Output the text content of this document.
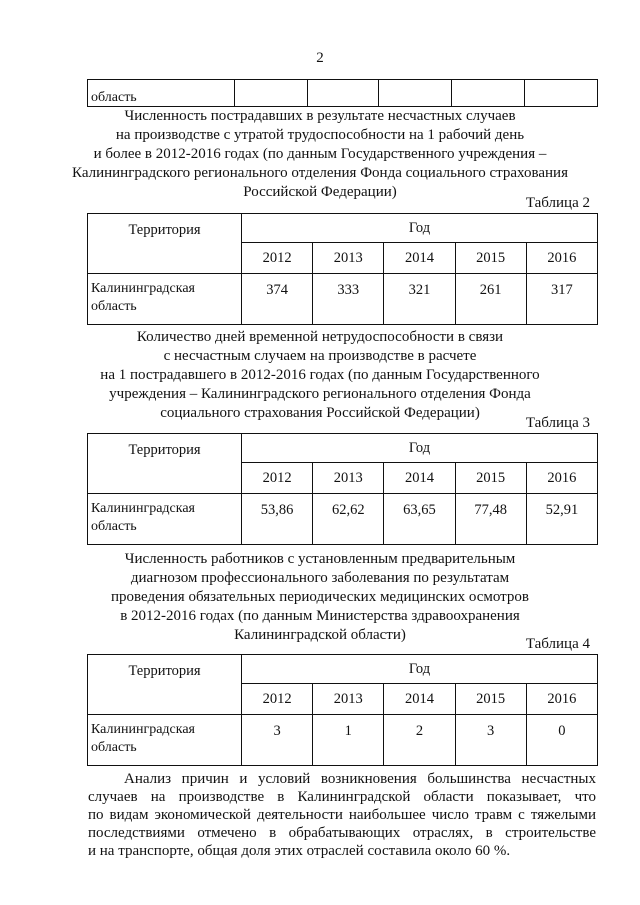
2
область					
Численность пострадавших в результате несчастных случаев
на производстве с утратой трудоспособности на 1 рабочий день
и более в 2012-2016 годах (по данным Государственного учреждения –
Калининградского регионального отделения Фонда социального страхования
Российской Федерации)
Таблица 2
Территория	Год				
	2012	2013	2014	2015	2016
Калининградская
область	374	333	321	261	317
Количество дней временной нетрудоспособности в связи
с несчастным случаем на производстве в расчете
на 1 пострадавшего в 2012-2016 годах (по данным Государственного
учреждения – Калининградского регионального отделения Фонда
социального страхования Российской Федерации)
Таблица 3
Территория	Год				
	2012	2013	2014	2015	2016
Калининградская
область	53,86	62,62	63,65	77,48	52,91
Численность работников с установленным предварительным
диагнозом профессионального заболевания по результатам
проведения обязательных периодических медицинских осмотров
в 2012-2016 годах (по данным Министерства здравоохранения
Калининградской области)
Таблица 4
Территория	Год				
	2012	2013	2014	2015	2016
Калининградская
область	3	1	2	3	0
Анализ причин и условий возникновения большинства несчастных
случаев на производстве в Калининградской области показывает, что
по видам экономической деятельности наибольшее число травм с тяжелыми
последствиями отмечено в обрабатывающих отраслях, в строительстве
и на транспорте, общая доля этих отраслей составила около 60 %.
